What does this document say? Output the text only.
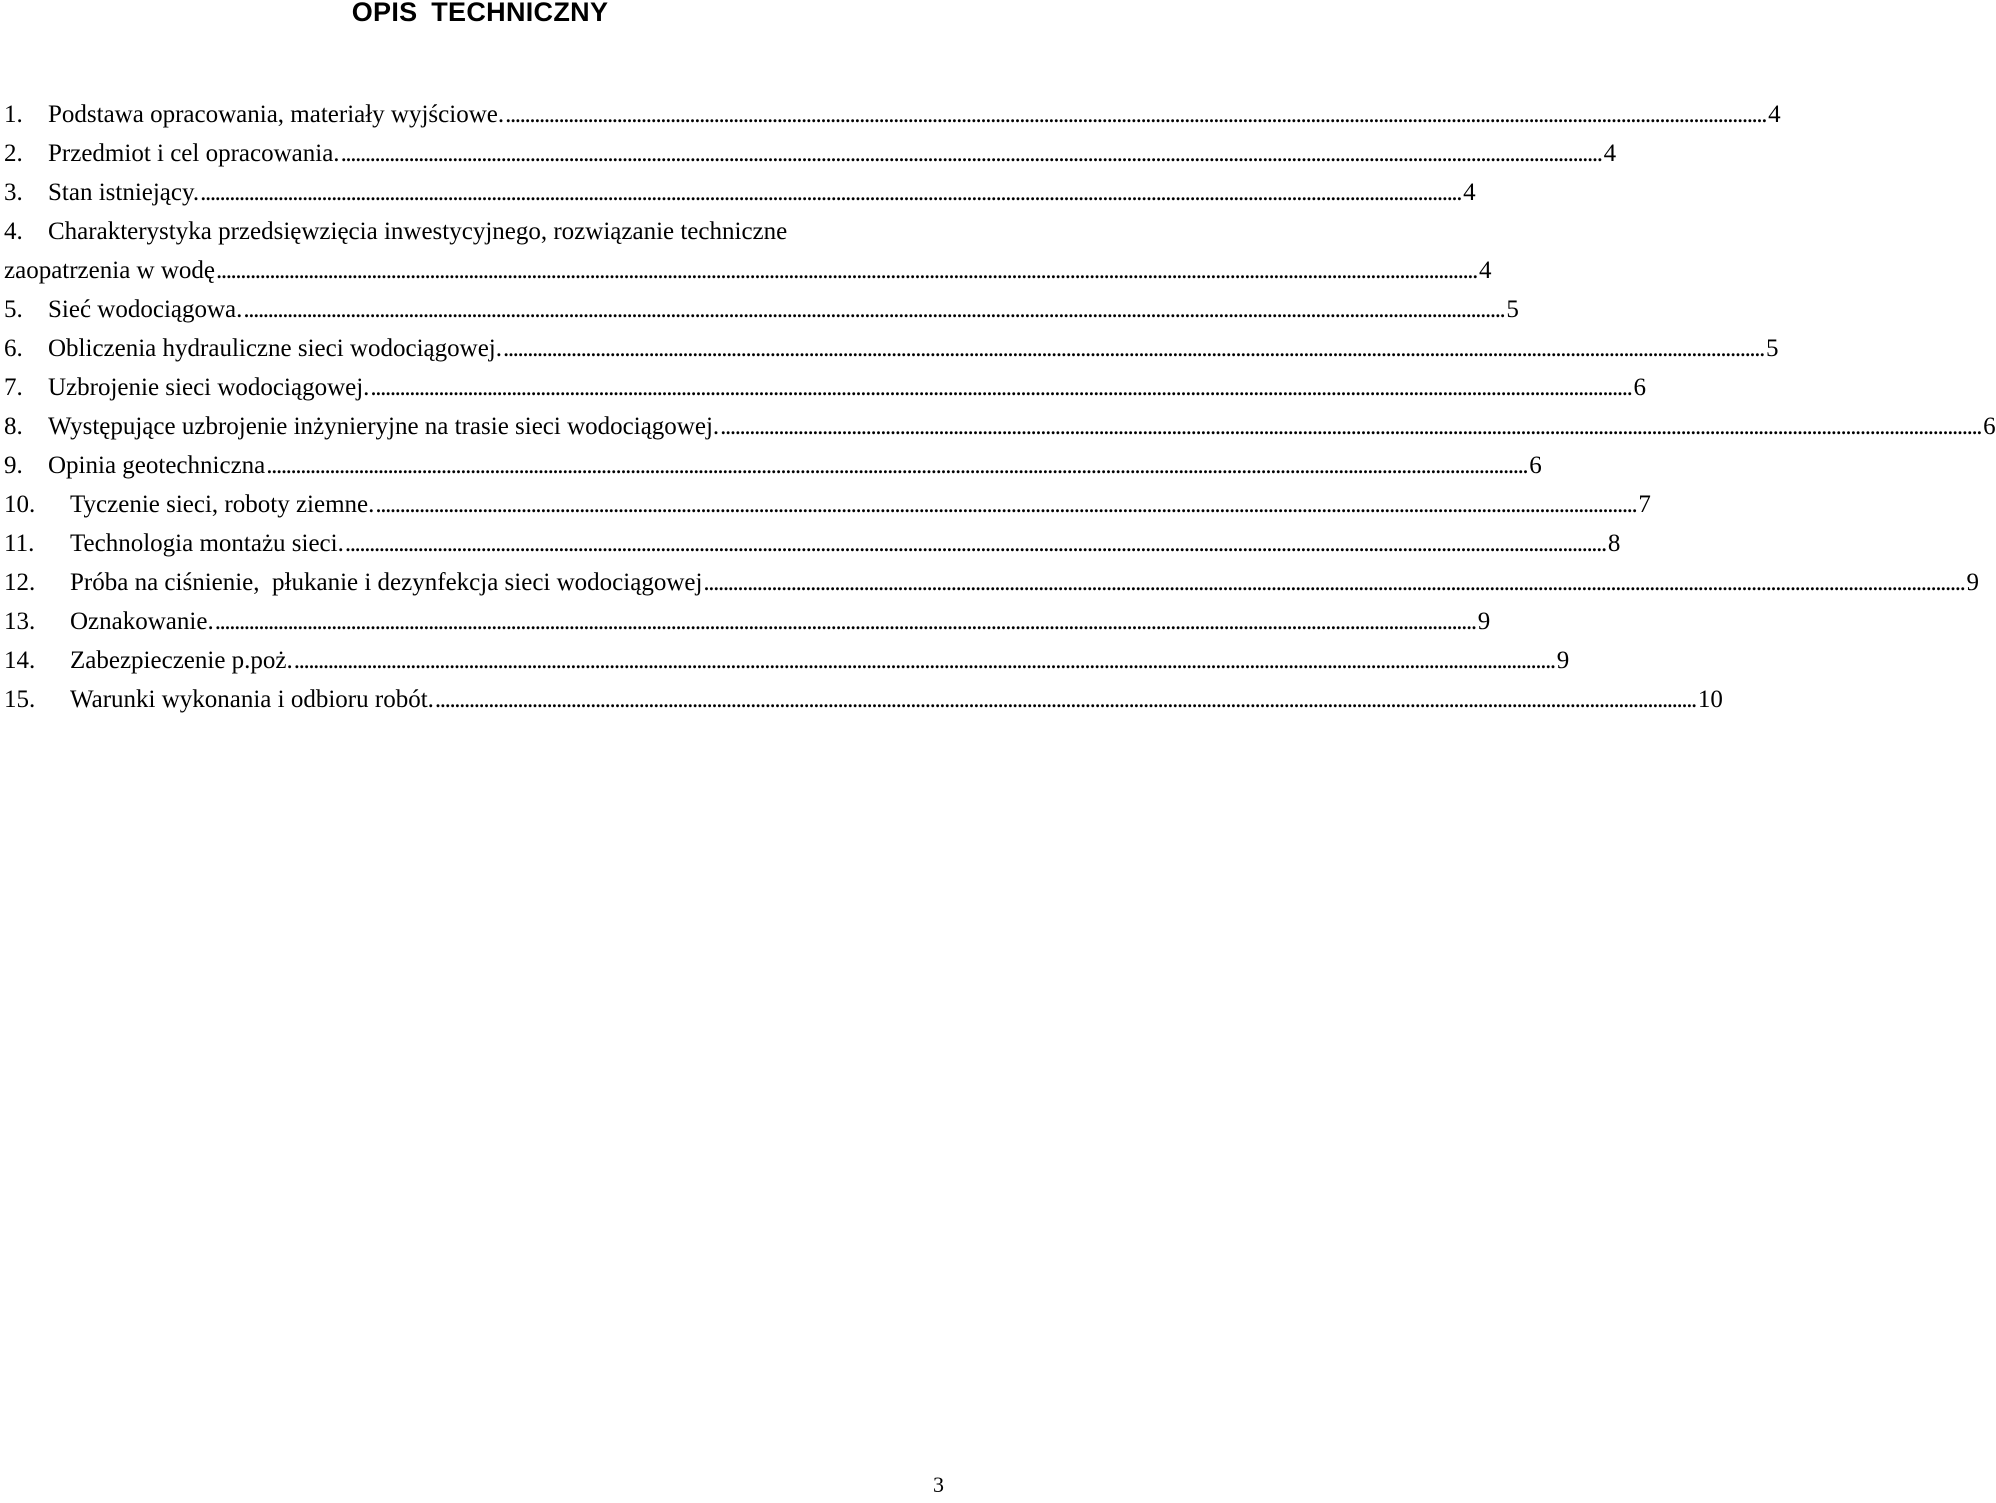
OPIS TECHNICZNY
1.	Podstawa opracowania, materiały wyjściowe.....................................................................................................................................................................................................................................................................4
2.	Przedmiot i cel opracowania.....................................................................................................................................................................................................................................................................4
3.	Stan istniejący.....................................................................................................................................................................................................................................................................4
4.	Charakterystyka przedsięwzięcia inwestycyjnego, rozwiązanie techniczne
zaopatrzenia w wodę .................................................................................................................................................................................................................................................................... 4
5.	Sieć wodociągowa.....................................................................................................................................................................................................................................................................5
6.	Obliczenia hydrauliczne sieci wodociągowej.....................................................................................................................................................................................................................................................................5
7.	Uzbrojenie sieci wodociągowej.....................................................................................................................................................................................................................................................................6
8.	Występujące uzbrojenie inżynieryjne na trasie sieci wodociągowej.....................................................................................................................................................................................................................................................................6
9.	Opinia geotechniczna....................................................................................................................................................................................................................................................................6
10.	Tyczenie sieci, roboty ziemne.....................................................................................................................................................................................................................................................................7
11.	Technologia montażu sieci.....................................................................................................................................................................................................................................................................8
12.	Próba na ciśnienie,  płukanie i dezynfekcja sieci wodociągowej....................................................................................................................................................................................................................................................................9
13.	Oznakowanie.....................................................................................................................................................................................................................................................................9
14.	Zabezpieczenie p.poż.....................................................................................................................................................................................................................................................................9
15.	Warunki wykonania i odbioru robót.....................................................................................................................................................................................................................................................................10
3
